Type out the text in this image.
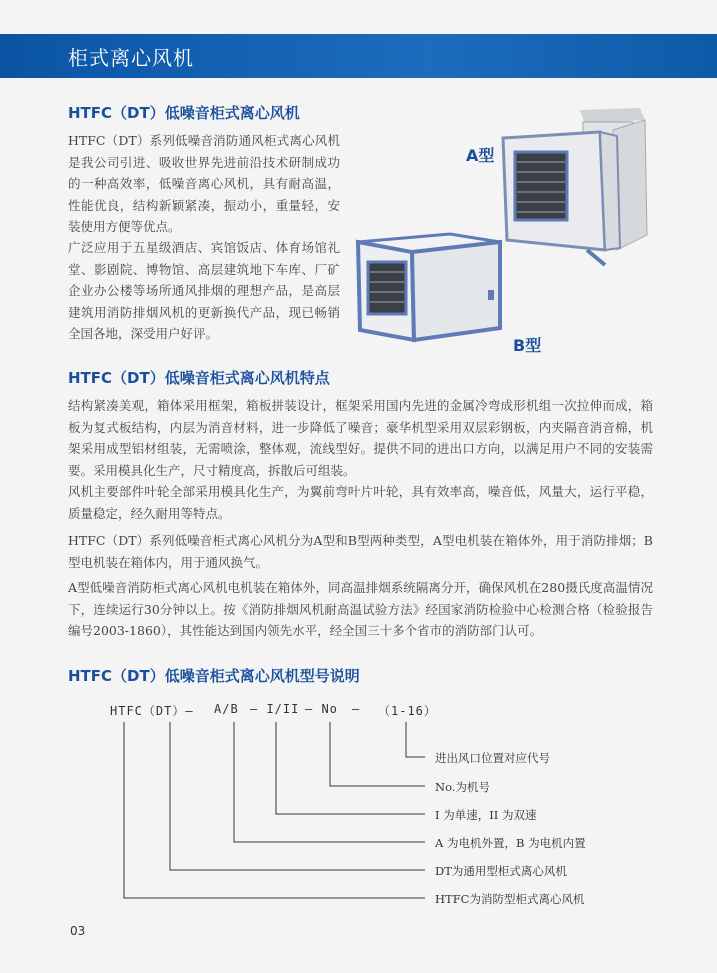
柜式离心风机
HTFC（DT）低噪音柜式离心风机
HTFC（DT）系列低噪音消防通风柜式离心风机是我公司引进、吸收世界先进前沿技术研制成功的一种高效率，低噪音离心风机，具有耐高温，性能优良，结构新颖紧凑，振动小，重量轻，安装使用方便等优点。
广泛应用于五星级酒店、宾馆饭店、体育场馆礼堂、影剧院、博物馆、高层建筑地下车库、厂矿企业办公楼等场所通风排烟的理想产品，是高层建筑用消防排烟风机的更新换代产品，现已畅销全国各地，深受用户好评。
A型
B型
HTFC（DT）低噪音柜式离心风机特点
结构紧凑美观，箱体采用框架，箱板拼装设计，框架采用国内先进的金属冷弯成形机组一次拉伸而成，箱板为复式板结构，内层为消音材料，进一步降低了噪音；豪华机型采用双层彩钢板，内夹隔音消音棉，机架采用成型铝材组装，无需喷涂，整体观，流线型好。提供不同的进出口方向，以满足用户不同的安装需要。采用模具化生产，尺寸精度高，拆散后可组装。
风机主要部件叶轮全部采用模具化生产，为翼前弯叶片叶轮，具有效率高，噪音低，风量大，运行平稳，质量稳定，经久耐用等特点。
HTFC（DT）系列低噪音柜式离心风机分为A型和B型两种类型，A型电机装在箱体外，用于消防排烟；B型电机装在箱体内，用于通风换气。
A型低噪音消防柜式离心风机电机装在箱体外，同高温排烟系统隔离分开，确保风机在280摄氏度高温情况下，连续运行30分钟以上。按《消防排烟风机耐高温试验方法》经国家消防检验中心检测合格（检验报告编号2003-1860），其性能达到国内领先水平，经全国三十多个省市的消防部门认可。
HTFC（DT）低噪音柜式离心风机型号说明
HTFC（DT）— A/B — I/II — No — （1-16）
进出风口位置对应代号
No.为机号
I 为单速，II 为双速
A 为电机外置，B 为电机内置
DT为通用型柜式离心风机
HTFC为消防型柜式离心风机
03
